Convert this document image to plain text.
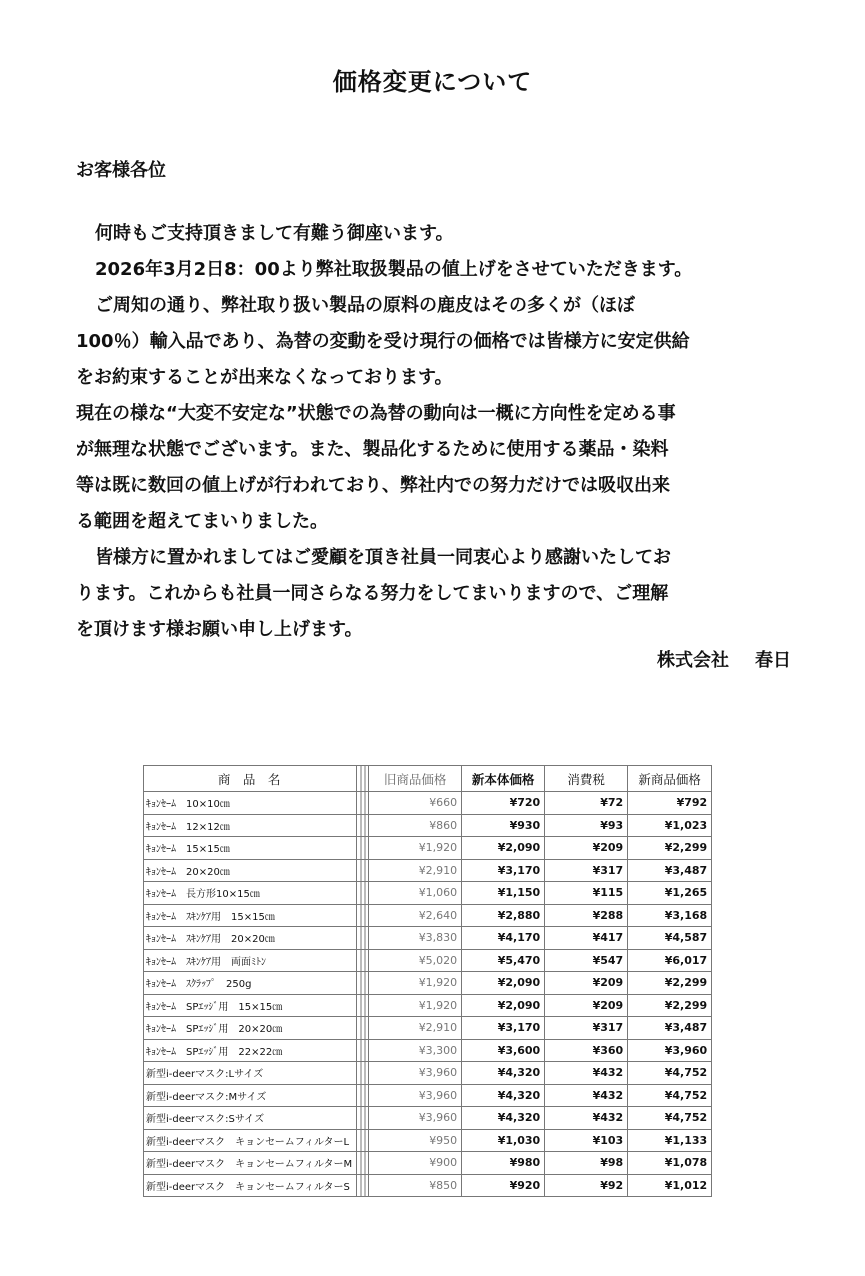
価格変更について
お客様各位

何時もご支持頂きまして有難う御座います。

2026年3月2日8：00より弊社取扱製品の値上げをさせていただきます。

ご周知の通り、弊社取り扱い製品の原料の鹿皮はその多くが（ほぼ

100％）輸入品であり、為替の変動を受け現行の価格では皆様方に安定供給

をお約束することが出来なくなっております。

現在の様な“大変不安定な”状態での為替の動向は一概に方向性を定める事

が無理な状態でございます。また、製品化するために使用する薬品・染料

等は既に数回の値上げが行われており、弊社内での努力だけでは吸収出来

る範囲を超えてまいりました。

皆様方に置かれましてはご愛顧を頂き社員一同衷心より感謝いたしてお

ります。これからも社員一同さらなる努力をしてまいりますので、ご理解

を頂けます様お願い申し上げます。

株式会社 春日
商　品　名		旧商品価格	新本体価格	消費税	新商品価格
ｷｮﾝｾｰﾑ　10×10㎝		¥660	¥720	¥72	¥792
ｷｮﾝｾｰﾑ　12×12㎝		¥860	¥930	¥93	¥1,023
ｷｮﾝｾｰﾑ　15×15㎝		¥1,920	¥2,090	¥209	¥2,299
ｷｮﾝｾｰﾑ　20×20㎝		¥2,910	¥3,170	¥317	¥3,487
ｷｮﾝｾｰﾑ　長方形10×15㎝		¥1,060	¥1,150	¥115	¥1,265
ｷｮﾝｾｰﾑ　ｽｷﾝｹｱ用　15×15㎝		¥2,640	¥2,880	¥288	¥3,168
ｷｮﾝｾｰﾑ　ｽｷﾝｹｱ用　20×20㎝		¥3,830	¥4,170	¥417	¥4,587
ｷｮﾝｾｰﾑ　ｽｷﾝｹｱ用　両面ﾐﾄﾝ		¥5,020	¥5,470	¥547	¥6,017
ｷｮﾝｾｰﾑ　ｽｸﾗｯﾌﾟ　250g		¥1,920	¥2,090	¥209	¥2,299
ｷｮﾝｾｰﾑ　SPｴｯｼﾞ用　15×15㎝		¥1,920	¥2,090	¥209	¥2,299
ｷｮﾝｾｰﾑ　SPｴｯｼﾞ用　20×20㎝		¥2,910	¥3,170	¥317	¥3,487
ｷｮﾝｾｰﾑ　SPｴｯｼﾞ用　22×22㎝		¥3,300	¥3,600	¥360	¥3,960
新型i-deerマスク:Lサイズ		¥3,960	¥4,320	¥432	¥4,752
新型i-deerマスク:Mサイズ		¥3,960	¥4,320	¥432	¥4,752
新型i-deerマスク:Sサイズ		¥3,960	¥4,320	¥432	¥4,752
新型i-deerマスク　キョンセームフィルターL		¥950	¥1,030	¥103	¥1,133
新型i-deerマスク　キョンセームフィルターM		¥900	¥980	¥98	¥1,078
新型i-deerマスク　キョンセームフィルターS		¥850	¥920	¥92	¥1,012
